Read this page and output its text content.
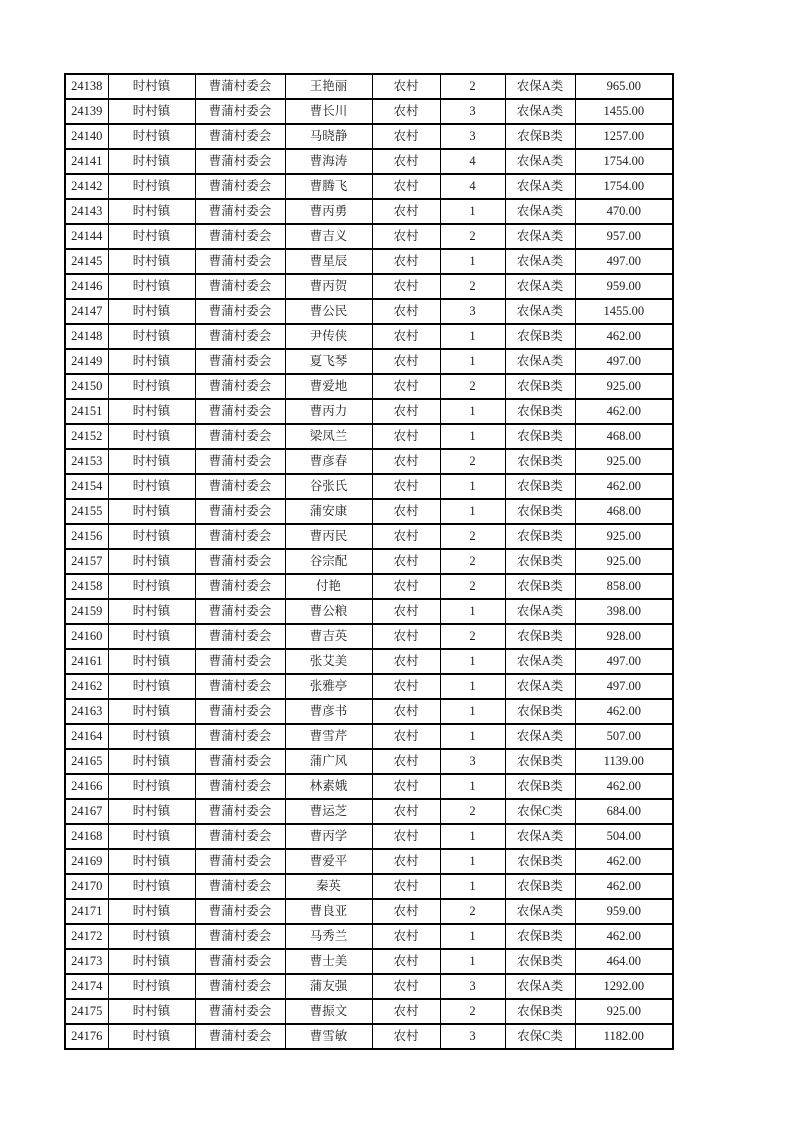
24138	时村镇	曹蒲村委会	王艳丽	农村	2	农保A类	965.00
24139	时村镇	曹蒲村委会	曹长川	农村	3	农保A类	1455.00
24140	时村镇	曹蒲村委会	马晓静	农村	3	农保B类	1257.00
24141	时村镇	曹蒲村委会	曹海涛	农村	4	农保A类	1754.00
24142	时村镇	曹蒲村委会	曹腾飞	农村	4	农保A类	1754.00
24143	时村镇	曹蒲村委会	曹丙勇	农村	1	农保A类	470.00
24144	时村镇	曹蒲村委会	曹吉义	农村	2	农保A类	957.00
24145	时村镇	曹蒲村委会	曹星辰	农村	1	农保A类	497.00
24146	时村镇	曹蒲村委会	曹丙贺	农村	2	农保A类	959.00
24147	时村镇	曹蒲村委会	曹公民	农村	3	农保A类	1455.00
24148	时村镇	曹蒲村委会	尹传侠	农村	1	农保B类	462.00
24149	时村镇	曹蒲村委会	夏飞琴	农村	1	农保A类	497.00
24150	时村镇	曹蒲村委会	曹爱地	农村	2	农保B类	925.00
24151	时村镇	曹蒲村委会	曹丙力	农村	1	农保B类	462.00
24152	时村镇	曹蒲村委会	梁凤兰	农村	1	农保B类	468.00
24153	时村镇	曹蒲村委会	曹彦春	农村	2	农保B类	925.00
24154	时村镇	曹蒲村委会	谷张氏	农村	1	农保B类	462.00
24155	时村镇	曹蒲村委会	蒲安康	农村	1	农保B类	468.00
24156	时村镇	曹蒲村委会	曹丙民	农村	2	农保B类	925.00
24157	时村镇	曹蒲村委会	谷宗配	农村	2	农保B类	925.00
24158	时村镇	曹蒲村委会	付艳	农村	2	农保B类	858.00
24159	时村镇	曹蒲村委会	曹公粮	农村	1	农保A类	398.00
24160	时村镇	曹蒲村委会	曹吉英	农村	2	农保B类	928.00
24161	时村镇	曹蒲村委会	张艾美	农村	1	农保A类	497.00
24162	时村镇	曹蒲村委会	张雅亭	农村	1	农保A类	497.00
24163	时村镇	曹蒲村委会	曹彦书	农村	1	农保B类	462.00
24164	时村镇	曹蒲村委会	曹雪芹	农村	1	农保A类	507.00
24165	时村镇	曹蒲村委会	蒲广风	农村	3	农保B类	1139.00
24166	时村镇	曹蒲村委会	林素娥	农村	1	农保B类	462.00
24167	时村镇	曹蒲村委会	曹运芝	农村	2	农保C类	684.00
24168	时村镇	曹蒲村委会	曹丙学	农村	1	农保A类	504.00
24169	时村镇	曹蒲村委会	曹爱平	农村	1	农保B类	462.00
24170	时村镇	曹蒲村委会	秦英	农村	1	农保B类	462.00
24171	时村镇	曹蒲村委会	曹良亚	农村	2	农保A类	959.00
24172	时村镇	曹蒲村委会	马秀兰	农村	1	农保B类	462.00
24173	时村镇	曹蒲村委会	曹士美	农村	1	农保B类	464.00
24174	时村镇	曹蒲村委会	蒲友强	农村	3	农保A类	1292.00
24175	时村镇	曹蒲村委会	曹振文	农村	2	农保B类	925.00
24176	时村镇	曹蒲村委会	曹雪敏	农村	3	农保C类	1182.00
